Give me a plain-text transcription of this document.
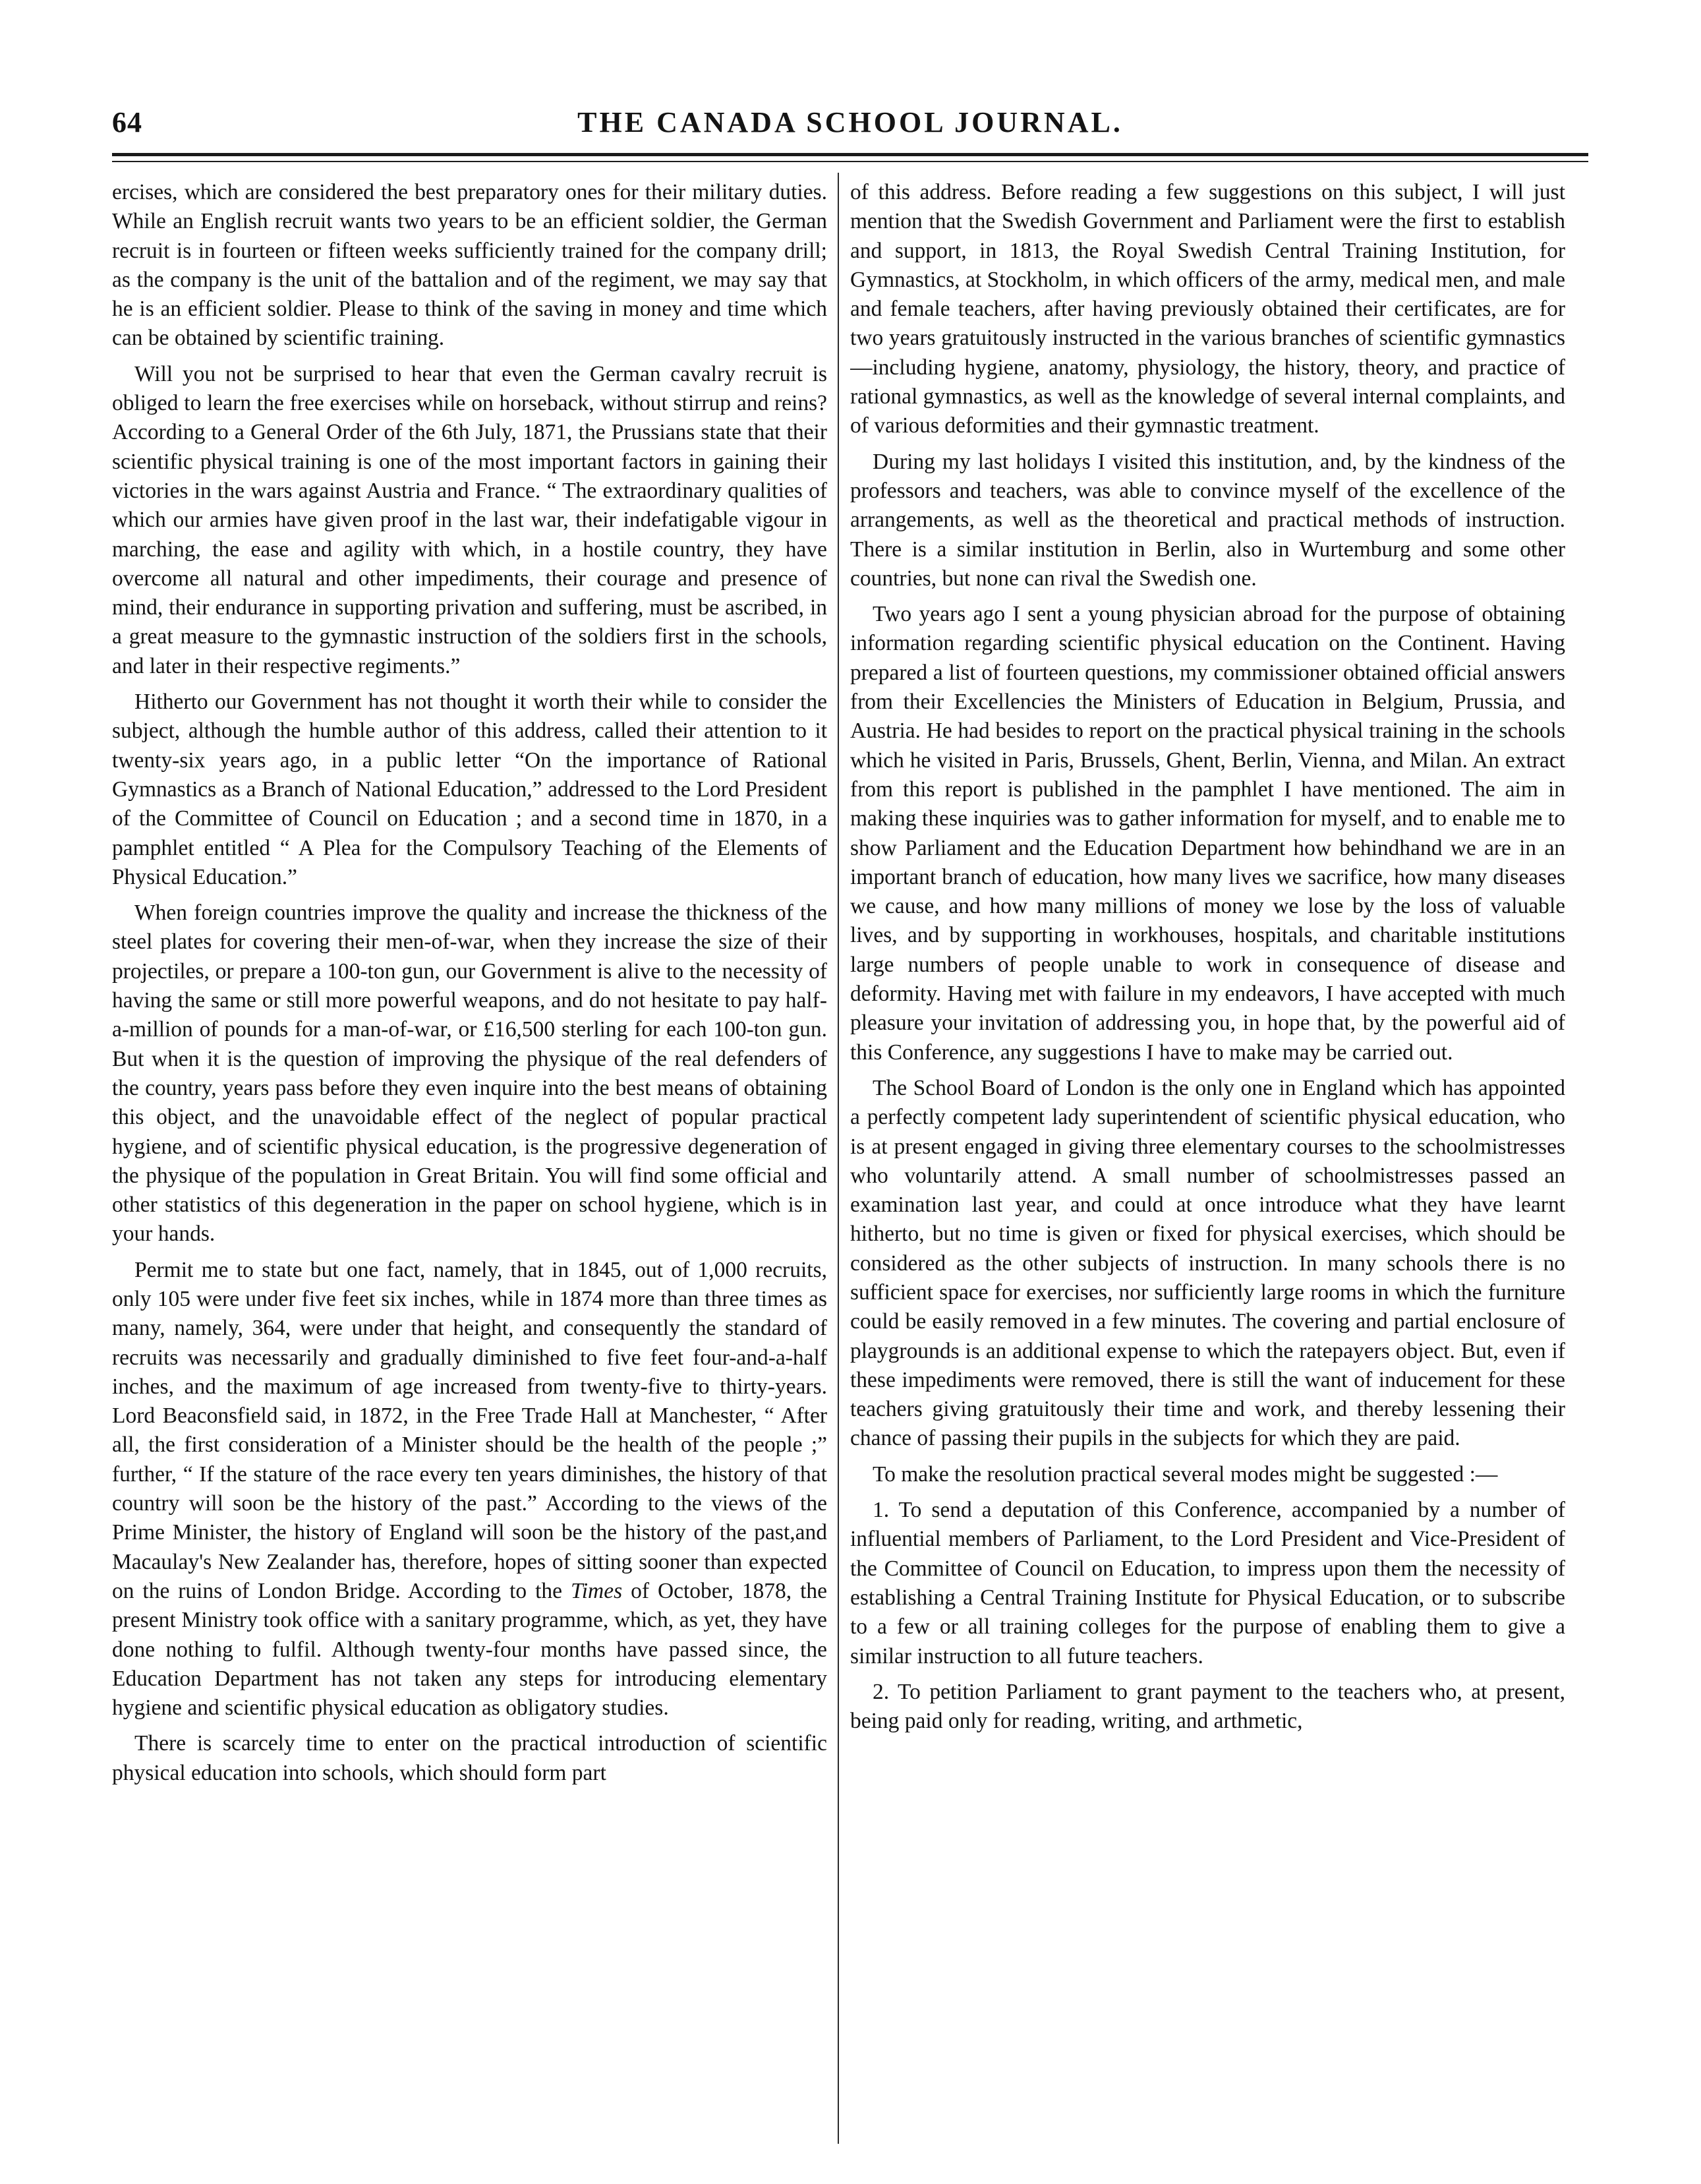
64	THE CANADA SCHOOL JOURNAL.

ercises, which are considered the best preparatory ones for their military duties. While an English recruit wants two years to be an efficient soldier, the German recruit is in fourteen or fifteen weeks sufficiently trained for the company drill; as the company is the unit of the battalion and of the regiment, we may say that he is an efficient soldier. Please to think of the saving in money and time which can be obtained by scientific training.

Will you not be surprised to hear that even the German cavalry recruit is obliged to learn the free exercises while on horseback, without stirrup and reins? According to a General Order of the 6th July, 1871, the Prussians state that their scientific physical training is one of the most important factors in gaining their victories in the wars against Austria and France. “ The extraordinary qualities of which our armies have given proof in the last war, their indefatigable vigour in marching, the ease and agility with which, in a hostile country, they have overcome all natural and other impediments, their courage and presence of mind, their endurance in supporting privation and suffering, must be ascribed, in a great measure to the gymnastic instruction of the soldiers first in the schools, and later in their respective regiments.”

Hitherto our Government has not thought it worth their while to consider the subject, although the humble author of this address, called their attention to it twenty-six years ago, in a public letter “On the importance of Rational Gymnastics as a Branch of National Education,” addressed to the Lord President of the Committee of Council on Education ; and a second time in 1870, in a pamphlet entitled “ A Plea for the Compulsory Teaching of the Elements of Physical Education.”

When foreign countries improve the quality and increase the thickness of the steel plates for covering their men-of-war, when they increase the size of their projectiles, or prepare a 100-ton gun, our Government is alive to the necessity of having the same or still more powerful weapons, and do not hesitate to pay half-a-million of pounds for a man-of-war, or £16,500 sterling for each 100-ton gun. But when it is the question of improving the physique of the real defenders of the country, years pass before they even inquire into the best means of obtaining this object, and the unavoidable effect of the neglect of popular practical hygiene, and of scientific physical education, is the progressive degeneration of the physique of the population in Great Britain. You will find some official and other statistics of this degeneration in the paper on school hygiene, which is in your hands.

Permit me to state but one fact, namely, that in 1845, out of 1,000 recruits, only 105 were under five feet six inches, while in 1874 more than three times as many, namely, 364, were under that height, and consequently the standard of recruits was necessarily and gradually diminished to five feet four-and-a-half inches, and the maximum of age increased from twenty-five to thirty-years. Lord Beaconsfield said, in 1872, in the Free Trade Hall at Manchester, “ After all, the first consideration of a Minister should be the health of the people ;” further, “ If the stature of the race every ten years diminishes, the history of that country will soon be the history of the past.” According to the views of the Prime Minister, the history of England will soon be the history of the past,and Macaulay's New Zealander has, therefore, hopes of sitting sooner than expected on the ruins of London Bridge. According to the Times of October, 1878, the present Ministry took office with a sanitary programme, which, as yet, they have done nothing to fulfil. Although twenty-four months have passed since, the Education Department has not taken any steps for introducing elementary hygiene and scientific physical education as obligatory studies.

There is scarcely time to enter on the practical introduction of scientific physical education into schools, which should form part

of this address. Before reading a few suggestions on this subject, I will just mention that the Swedish Government and Parliament were the first to establish and support, in 1813, the Royal Swedish Central Training Institution, for Gymnastics, at Stockholm, in which officers of the army, medical men, and male and female teachers, after having previously obtained their certificates, are for two years gratuitously instructed in the various branches of scientific gymnastics—including hygiene, anatomy, physiology, the history, theory, and practice of rational gymnastics, as well as the knowledge of several internal complaints, and of various deformities and their gymnastic treatment.

During my last holidays I visited this institution, and, by the kindness of the professors and teachers, was able to convince myself of the excellence of the arrangements, as well as the theoretical and practical methods of instruction. There is a similar institution in Berlin, also in Wurtemburg and some other countries, but none can rival the Swedish one.

Two years ago I sent a young physician abroad for the purpose of obtaining information regarding scientific physical education on the Continent. Having prepared a list of fourteen questions, my commissioner obtained official answers from their Excellencies the Ministers of Education in Belgium, Prussia, and Austria. He had besides to report on the practical physical training in the schools which he visited in Paris, Brussels, Ghent, Berlin, Vienna, and Milan. An extract from this report is published in the pamphlet I have mentioned. The aim in making these inquiries was to gather information for myself, and to enable me to show Parliament and the Education Department how behindhand we are in an important branch of education, how many lives we sacrifice, how many diseases we cause, and how many millions of money we lose by the loss of valuable lives, and by supporting in workhouses, hospitals, and charitable institutions large numbers of people unable to work in consequence of disease and deformity. Having met with failure in my endeavors, I have accepted with much pleasure your invitation of addressing you, in hope that, by the powerful aid of this Conference, any suggestions I have to make may be carried out.

The School Board of London is the only one in England which has appointed a perfectly competent lady superintendent of scientific physical education, who is at present engaged in giving three elementary courses to the schoolmistresses who voluntarily attend. A small number of schoolmistresses passed an examination last year, and could at once introduce what they have learnt hitherto, but no time is given or fixed for physical exercises, which should be considered as the other subjects of instruction. In many schools there is no sufficient space for exercises, nor sufficiently large rooms in which the furniture could be easily removed in a few minutes. The covering and partial enclosure of playgrounds is an additional expense to which the ratepayers object. But, even if these impediments were removed, there is still the want of inducement for these teachers giving gratuitously their time and work, and thereby lessening their chance of passing their pupils in the subjects for which they are paid.

To make the resolution practical several modes might be suggested :—

1. To send a deputation of this Conference, accompanied by a number of influential members of Parliament, to the Lord President and Vice-President of the Committee of Council on Education, to impress upon them the necessity of establishing a Central Training Institute for Physical Education, or to subscribe to a few or all training colleges for the purpose of enabling them to give a similar instruction to all future teachers.

2. To petition Parliament to grant payment to the teachers who, at present, being paid only for reading, writing, and arthmetic,
